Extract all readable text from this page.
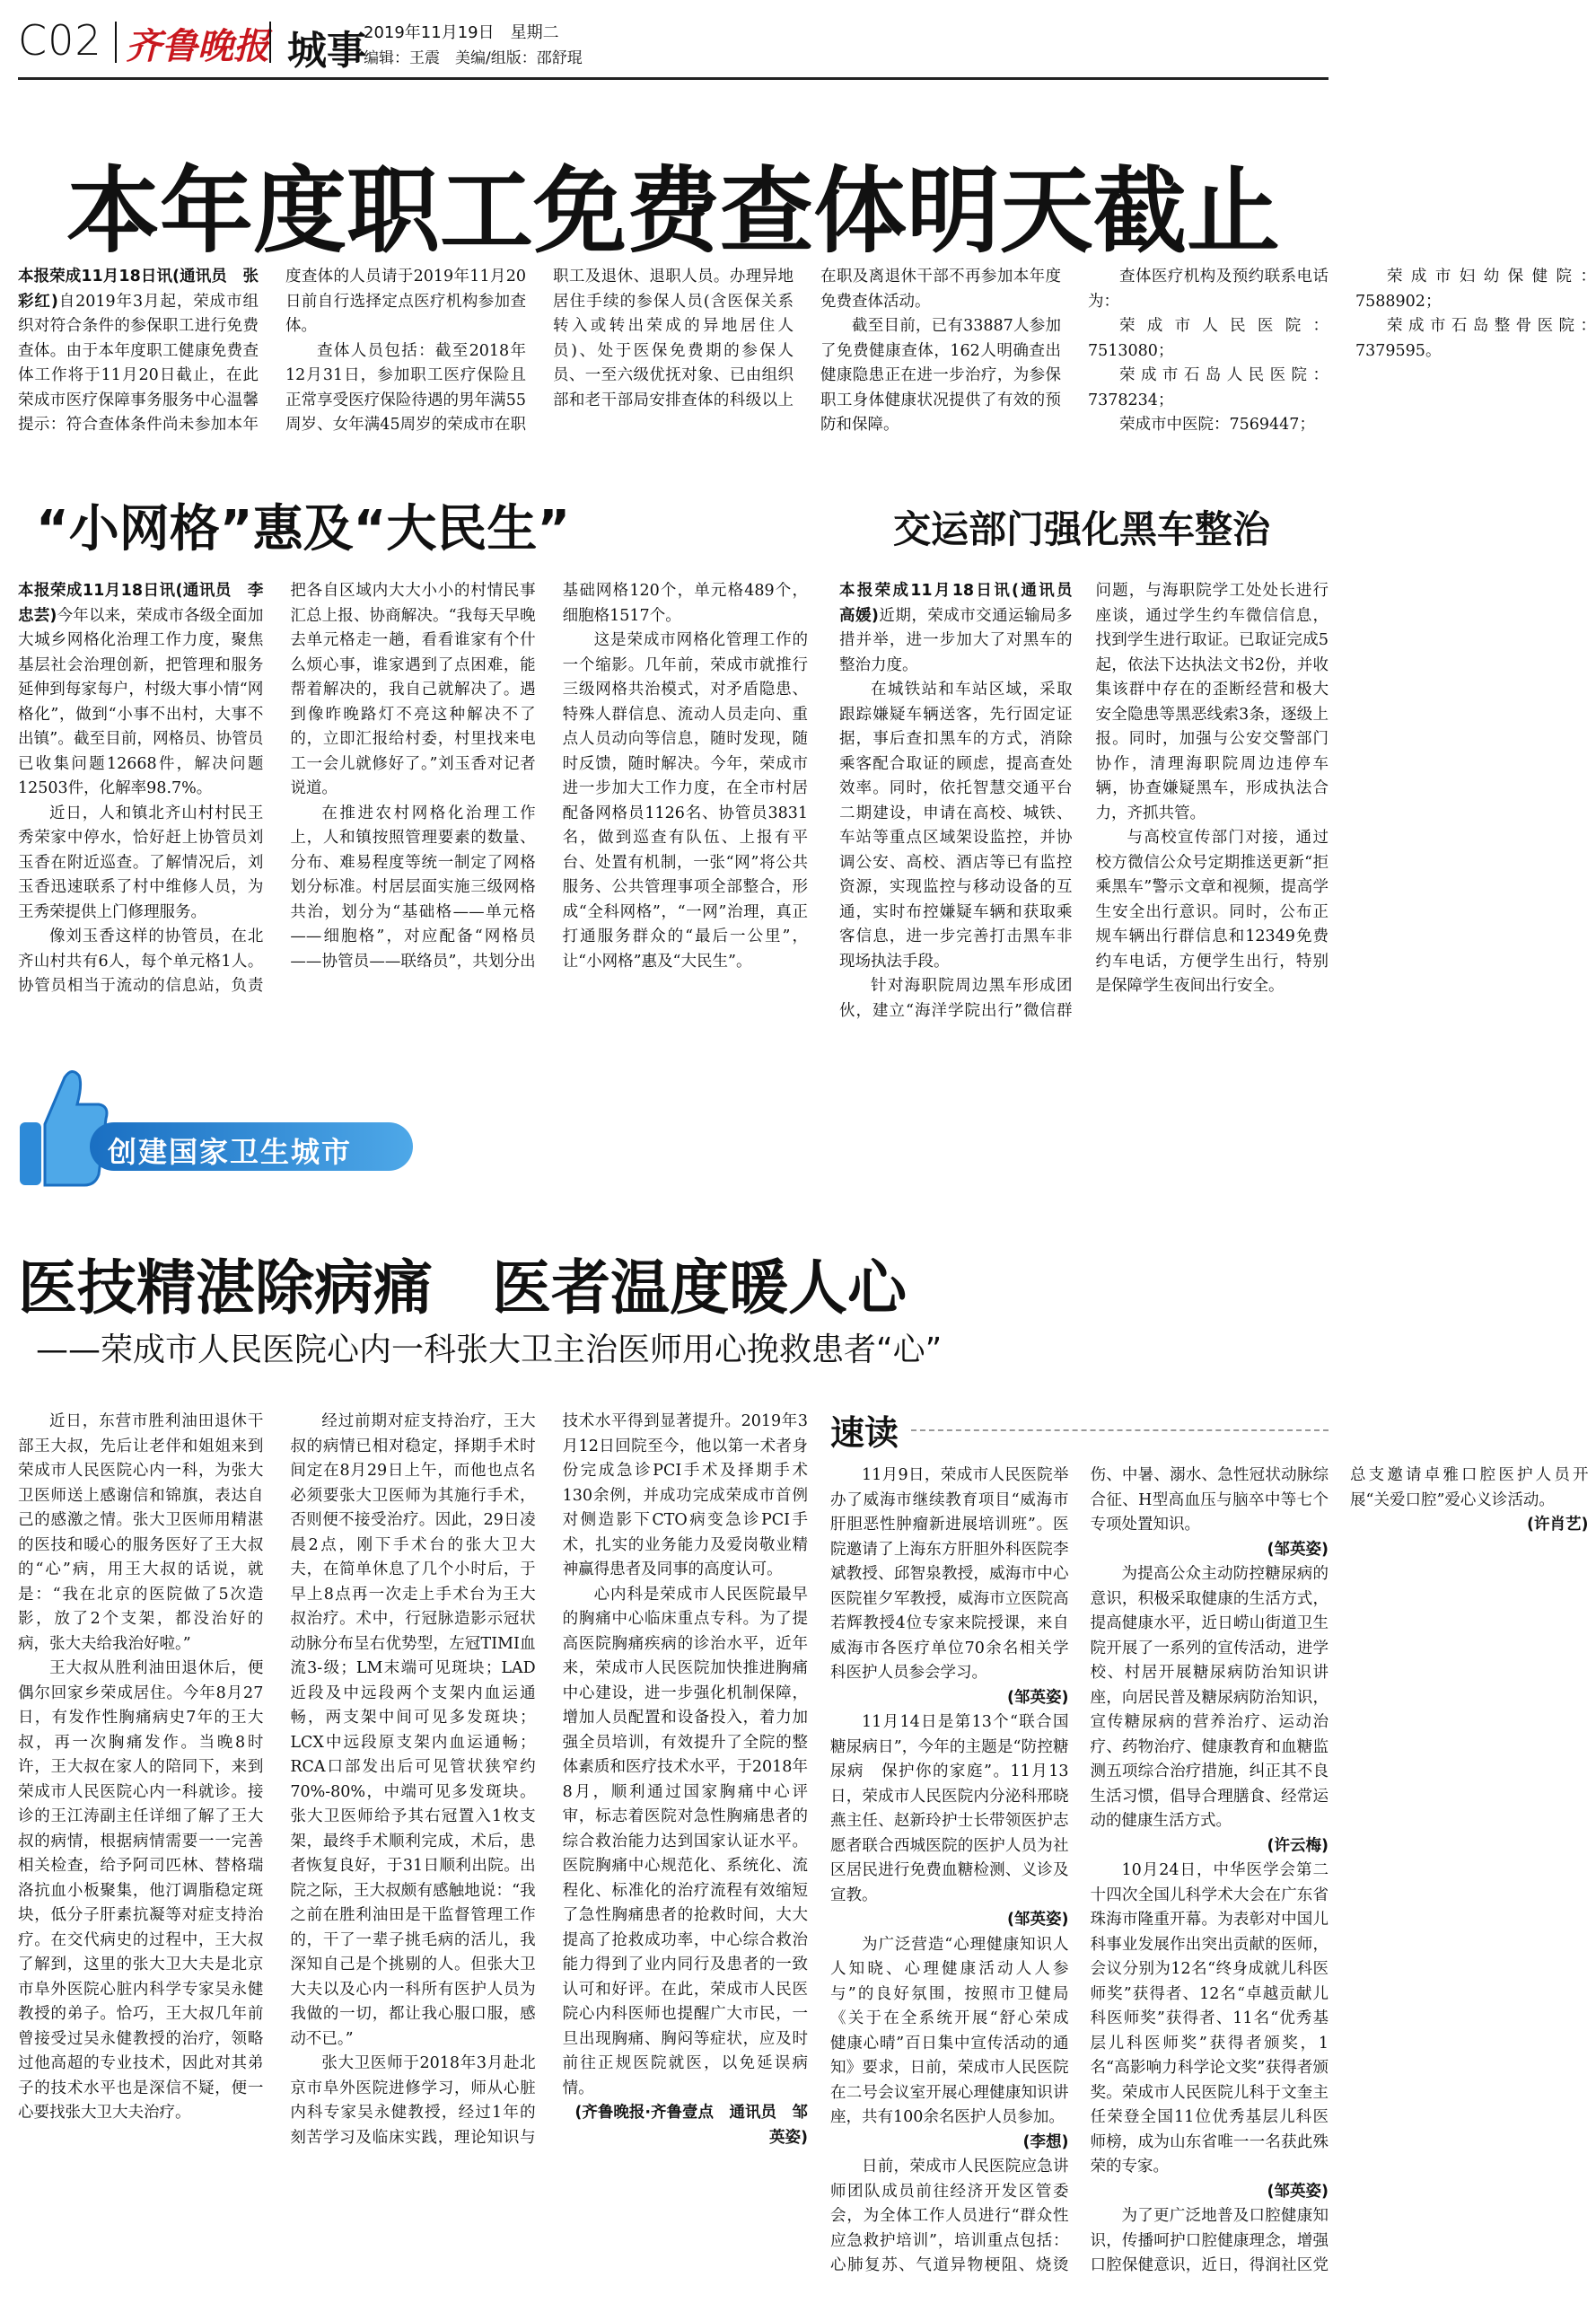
C02 齐鲁晚报 城事
2019年11月19日　星期二
编辑：王震　美编/组版：邵舒琨
本年度职工免费查体明天截止

本报荣成11月18日讯(通讯员　张彩红)自2019年3月起，荣成市组织对符合条件的参保职工进行免费查体。由于本年度职工健康免费查体工作将于11月20日截止，在此荣成市医疗保障事务服务中心温馨提示：符合查体条件尚未参加本年度查体的人员请于2019年11月20日前自行选择定点医疗机构参加查体。

查体人员包括：截至2018年12月31日，参加职工医疗保险且正常享受医疗保险待遇的男年满55周岁、女年满45周岁的荣成市在职职工及退休、退职人员。办理异地居住手续的参保人员(含医保关系转入或转出荣成的异地居住人员)、处于医保免费期的参保人员、一至六级优抚对象、已由组织部和老干部局安排查体的科级以上在职及离退休干部不再参加本年度免费查体活动。

截至目前，已有33887人参加了免费健康查体，162人明确查出健康隐患正在进一步治疗，为参保职工身体健康状况提供了有效的预防和保障。

查体医疗机构及预约联系电话为：

荣成市人民医院：7513080；

荣成市石岛人民医院：7378234；

荣成市中医院：7569447；

荣成市妇幼保健院：7588902；

荣成市石岛整骨医院：7379595。

“小网格”惠及“大民生”

本报荣成11月18日讯(通讯员　李忠芸)今年以来，荣成市各级全面加大城乡网格化治理工作力度，聚焦基层社会治理创新，把管理和服务延伸到每家每户，村级大事小情“网格化”，做到“小事不出村，大事不出镇”。截至目前，网格员、协管员已收集问题12668件，解决问题12503件，化解率98.7%。

近日，人和镇北齐山村村民王秀荣家中停水，恰好赶上协管员刘玉香在附近巡查。了解情况后，刘玉香迅速联系了村中维修人员，为王秀荣提供上门修理服务。

像刘玉香这样的协管员，在北齐山村共有6人，每个单元格1人。协管员相当于流动的信息站，负责把各自区域内大大小小的村情民事汇总上报、协商解决。“我每天早晚去单元格走一趟，看看谁家有个什么烦心事，谁家遇到了点困难，能帮着解决的，我自己就解决了。遇到像昨晚路灯不亮这种解决不了的，立即汇报给村委，村里找来电工一会儿就修好了。”刘玉香对记者说道。

在推进农村网格化治理工作上，人和镇按照管理要素的数量、分布、难易程度等统一制定了网格划分标准。村居层面实施三级网格共治，划分为“基础格——单元格——细胞格”，对应配备“网格员——协管员——联络员”，共划分出基础网格120个，单元格489个，细胞格1517个。

这是荣成市网格化管理工作的一个缩影。几年前，荣成市就推行三级网格共治模式，对矛盾隐患、特殊人群信息、流动人员走向、重点人员动向等信息，随时发现，随时反馈，随时解决。今年，荣成市进一步加大工作力度，在全市村居配备网格员1126名、协管员3831名，做到巡查有队伍、上报有平台、处置有机制，一张“网”将公共服务、公共管理事项全部整合，形成“全科网格”，“一网”治理，真正打通服务群众的“最后一公里”，让“小网格”惠及“大民生”。

交运部门强化黑车整治

本报荣成11月18日讯(通讯员　高媛)近期，荣成市交通运输局多措并举，进一步加大了对黑车的整治力度。

在城铁站和车站区域，采取跟踪嫌疑车辆送客，先行固定证据，事后查扣黑车的方式，消除乘客配合取证的顾虑，提高查处效率。同时，依托智慧交通平台二期建设，申请在高校、城铁、车站等重点区域架设监控，并协调公安、高校、酒店等已有监控资源，实现监控与移动设备的互通，实时布控嫌疑车辆和获取乘客信息，进一步完善打击黑车非现场执法手段。

针对海职院周边黑车形成团伙，建立“海洋学院出行”微信群问题，与海职院学工处处长进行座谈，通过学生约车微信信息，找到学生进行取证。已取证完成5起，依法下达执法文书2份，并收集该群中存在的歪断经营和极大安全隐患等黑恶线索3条，逐级上报。同时，加强与公安交警部门协作，清理海职院周边违停车辆，协查嫌疑黑车，形成执法合力，齐抓共管。

与高校宣传部门对接，通过校方微信公众号定期推送更新“拒乘黑车”警示文章和视频，提高学生安全出行意识。同时，公布正规车辆出行群信息和12349免费约车电话，方便学生出行，特别是保障学生夜间出行安全。

创建国家卫生城市
医技精湛除病痛　医者温度暖人心
——荣成市人民医院心内一科张大卫主治医师用心挽救患者“心”

近日，东营市胜利油田退休干部王大叔，先后让老伴和姐姐来到荣成市人民医院心内一科，为张大卫医师送上感谢信和锦旗，表达自己的感激之情。张大卫医师用精湛的医技和暖心的服务医好了王大叔的“心”病，用王大叔的话说，就是：“我在北京的医院做了5次造影，放了2个支架，都没治好的病，张大夫给我治好啦。”

王大叔从胜利油田退休后，便偶尔回家乡荣成居住。今年8月27日，有发作性胸痛病史7年的王大叔，再一次胸痛发作。当晚8时许，王大叔在家人的陪同下，来到荣成市人民医院心内一科就诊。接诊的王江涛副主任详细了解了王大叔的病情，根据病情需要一一完善相关检查，给予阿司匹林、替格瑞洛抗血小板聚集，他汀调脂稳定斑块，低分子肝素抗凝等对症支持治疗。在交代病史的过程中，王大叔了解到，这里的张大卫大夫是北京市阜外医院心脏内科学专家吴永健教授的弟子。恰巧，王大叔几年前曾接受过吴永健教授的治疗，领略过他高超的专业技术，因此对其弟子的技术水平也是深信不疑，便一心要找张大卫大夫治疗。

经过前期对症支持治疗，王大叔的病情已相对稳定，择期手术时间定在8月29日上午，而他也点名必须要张大卫医师为其施行手术，否则便不接受治疗。因此，29日凌晨2点，刚下手术台的张大卫大夫，在简单休息了几个小时后，于早上8点再一次走上手术台为王大叔治疗。术中，行冠脉造影示冠状动脉分布呈右优势型，左冠TIMI血流3-级；LM末端可见斑块；LAD近段及中远段两个支架内血运通畅，两支架中间可见多发斑块；LCX中远段原支架内血运通畅；RCA口部发出后可见管状狭窄约70%-80%，中端可见多发斑块。张大卫医师给予其右冠置入1枚支架，最终手术顺利完成，术后，患者恢复良好，于31日顺利出院。出院之际，王大叔颇有感触地说：“我之前在胜利油田是干监督管理工作的，干了一辈子挑毛病的活儿，我深知自己是个挑剔的人。但张大卫大夫以及心内一科所有医护人员为我做的一切，都让我心服口服，感动不已。”

张大卫医师于2018年3月赴北京市阜外医院进修学习，师从心脏内科专家吴永健教授，经过1年的刻苦学习及临床实践，理论知识与技术水平得到显著提升。2019年3月12日回院至今，他以第一术者身份完成急诊PCI手术及择期手术130余例，并成功完成荣成市首例对侧造影下CTO病变急诊PCI手术，扎实的业务能力及爱岗敬业精神赢得患者及同事的高度认可。

心内科是荣成市人民医院最早的胸痛中心临床重点专科。为了提高医院胸痛疾病的诊治水平，近年来，荣成市人民医院加快推进胸痛中心建设，进一步强化机制保障，增加人员配置和设备投入，着力加强全员培训，有效提升了全院的整体素质和医疗技术水平，于2018年8月，顺利通过国家胸痛中心评审，标志着医院对急性胸痛患者的综合救治能力达到国家认证水平。医院胸痛中心规范化、系统化、流程化、标准化的治疗流程有效缩短了急性胸痛患者的抢救时间，大大提高了抢救成功率，中心综合救治能力得到了业内同行及患者的一致认可和好评。在此，荣成市人民医院心内科医师也提醒广大市民，一旦出现胸痛、胸闷等症状，应及时前往正规医院就医，以免延误病情。

(齐鲁晚报·齐鲁壹点　通讯员　邹英姿)

速读

11月9日，荣成市人民医院举办了威海市继续教育项目“威海市肝胆恶性肿瘤新进展培训班”。医院邀请了上海东方肝胆外科医院李斌教授、邱智泉教授，威海市中心医院崔夕军教授，威海市立医院高若辉教授4位专家来院授课，来自威海市各医疗单位70余名相关学科医护人员参会学习。

(邹英姿)

11月14日是第13个“联合国糖尿病日”，今年的主题是“防控糖尿病　保护你的家庭”。11月13日，荣成市人民医院内分泌科邢晓燕主任、赵新玲护士长带领医护志愿者联合西城医院的医护人员为社区居民进行免费血糖检测、义诊及宣教。

(邹英姿)

为广泛营造“心理健康知识人人知晓、心理健康活动人人参与”的良好氛围，按照市卫健局《关于在全系统开展“舒心荣成　健康心晴”百日集中宣传活动的通知》要求，日前，荣成市人民医院在二号会议室开展心理健康知识讲座，共有100余名医护人员参加。

(李想)

日前，荣成市人民医院应急讲师团队成员前往经济开发区管委会，为全体工作人员进行“群众性应急救护培训”，培训重点包括：心肺复苏、气道异物梗阻、烧烫伤、中暑、溺水、急性冠状动脉综合征、H型高血压与脑卒中等七个专项处置知识。

(邹英姿)

为提高公众主动防控糖尿病的意识，积极采取健康的生活方式，提高健康水平，近日崂山街道卫生院开展了一系列的宣传活动，进学校、村居开展糖尿病防治知识讲座，向居民普及糖尿病防治知识，宣传糖尿病的营养治疗、运动治疗、药物治疗、健康教育和血糖监测五项综合治疗措施，纠正其不良生活习惯，倡导合理膳食、经常运动的健康生活方式。

(许云梅)

10月24日，中华医学会第二十四次全国儿科学术大会在广东省珠海市隆重开幕。为表彰对中国儿科事业发展作出突出贡献的医师，会议分别为12名“终身成就儿科医师奖”获得者、12名“卓越贡献儿科医师奖”获得者、11名“优秀基层儿科医师奖”获得者颁奖，1名“高影响力科学论文奖”获得者颁奖。荣成市人民医院儿科于文奎主任荣登全国11位优秀基层儿科医师榜，成为山东省唯一一名获此殊荣的专家。

(邹英姿)

为了更广泛地普及口腔健康知识，传播呵护口腔健康理念，增强口腔保健意识，近日，得润社区党总支邀请卓雅口腔医护人员开展“关爱口腔”爱心义诊活动。

(许肖艺)
